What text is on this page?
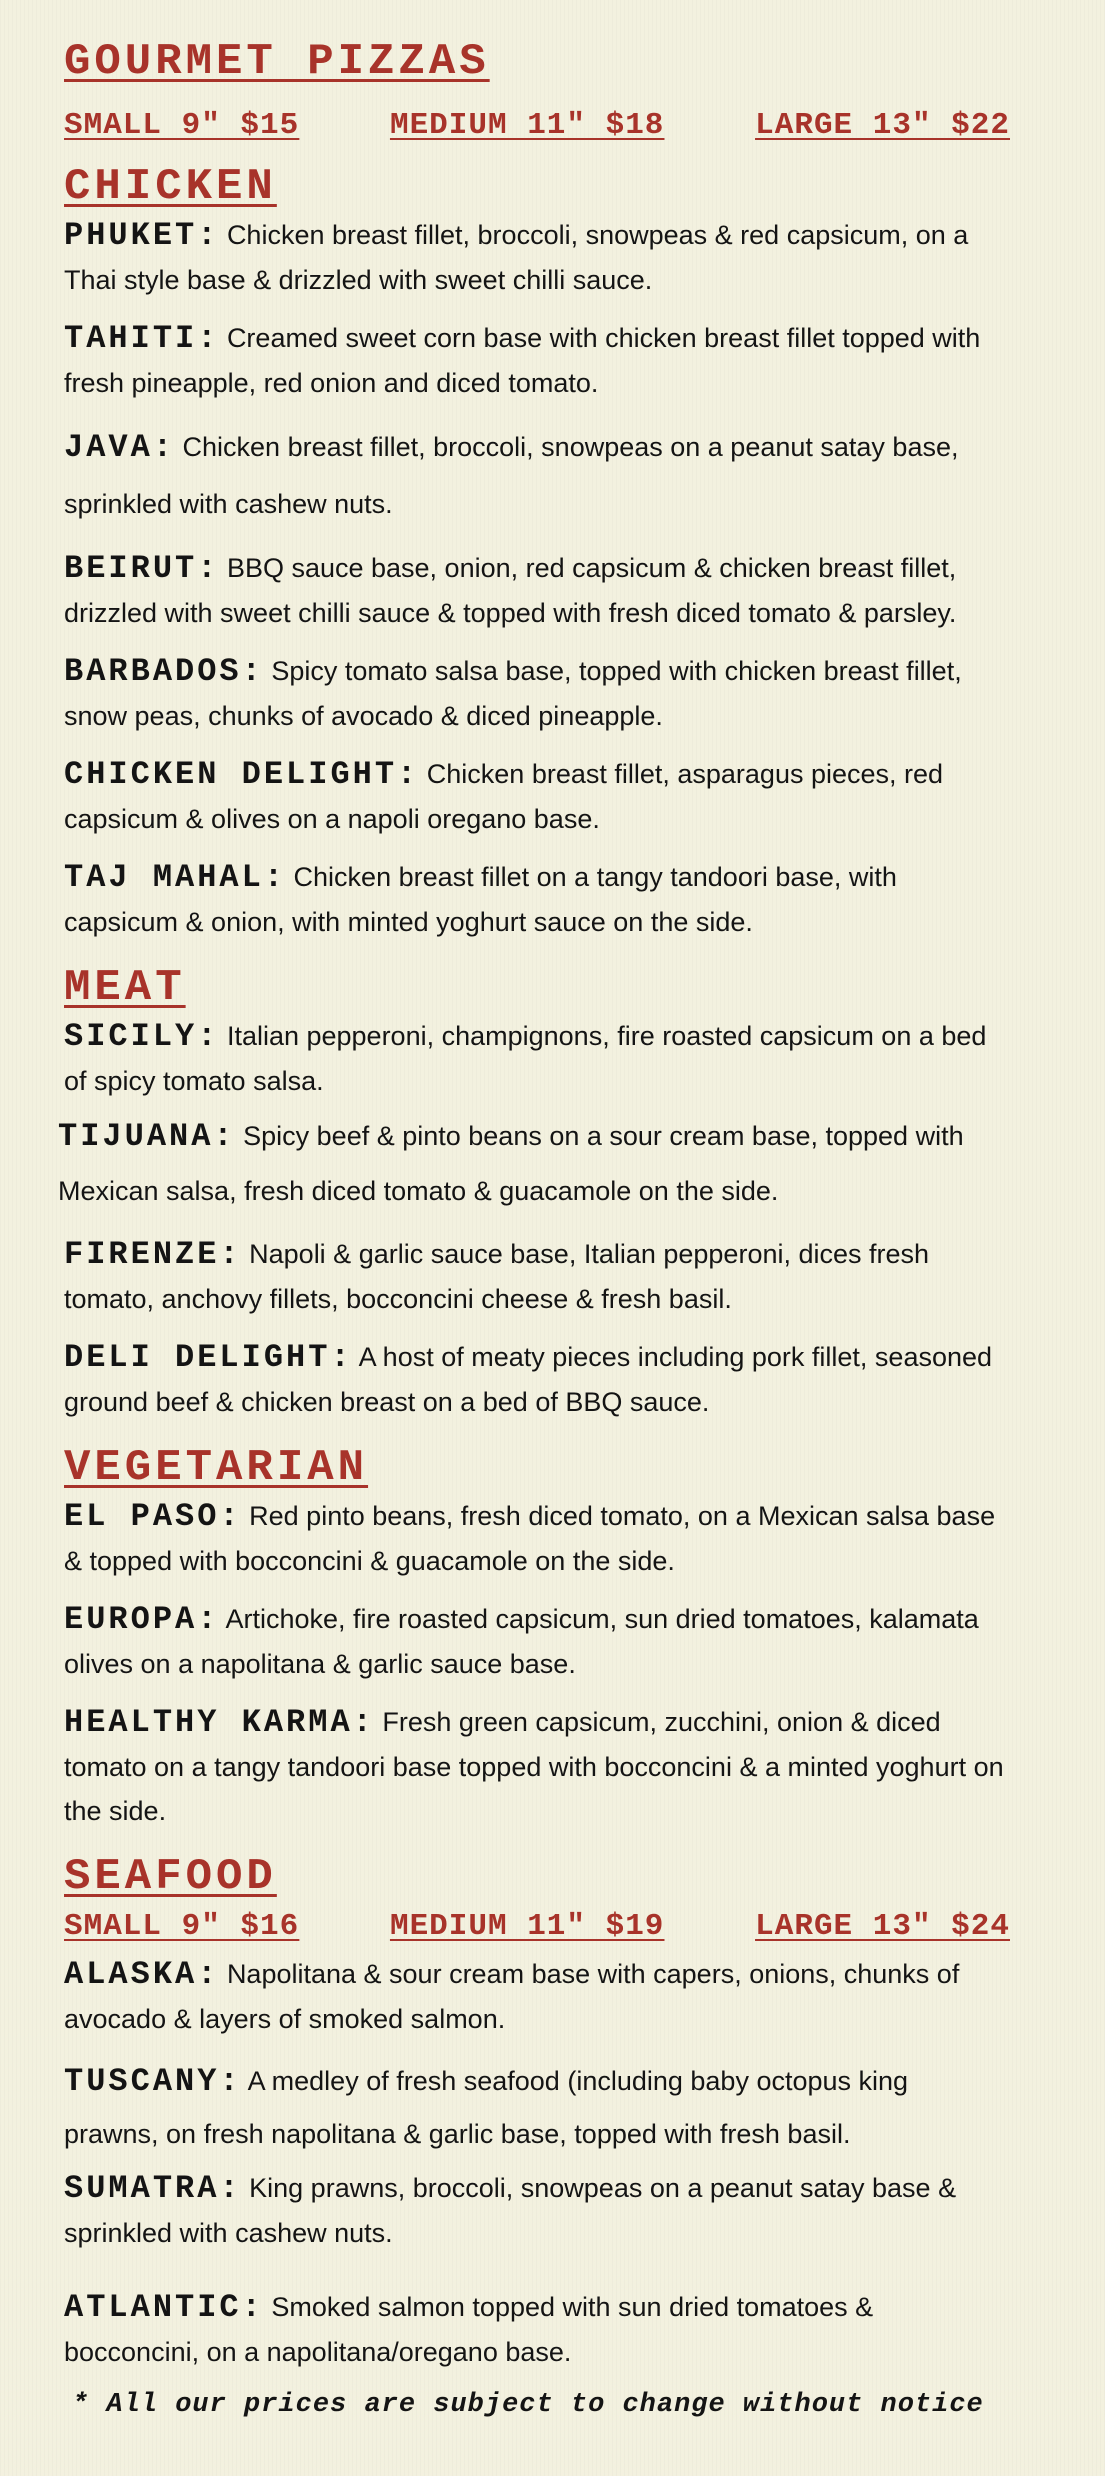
GOURMET PIZZAS
SMALL 9″ $15	MEDIUM 11″ $18	LARGE 13″ $22
CHICKEN

PHUKET: Chicken breast fillet, broccoli, snowpeas & red capsicum, on a Thai style base & drizzled with sweet chilli sauce.

TAHITI: Creamed sweet corn base with chicken breast fillet topped with fresh pineapple, red onion and diced tomato.

JAVA: Chicken breast fillet, broccoli, snowpeas on a peanut satay base, sprinkled with cashew nuts.

BEIRUT: BBQ sauce base, onion, red capsicum & chicken breast fillet, drizzled with sweet chilli sauce & topped with fresh diced tomato & parsley.

BARBADOS: Spicy tomato salsa base, topped with chicken breast fillet, snow peas, chunks of avocado & diced pineapple.

CHICKEN DELIGHT: Chicken breast fillet, asparagus pieces, red capsicum & olives on a napoli oregano base.

TAJ MAHAL: Chicken breast fillet on a tangy tandoori base, with capsicum & onion, with minted yoghurt sauce on the side.

MEAT

SICILY: Italian pepperoni, champignons, fire roasted capsicum on a bed of spicy tomato salsa.

TIJUANA: Spicy beef & pinto beans on a sour cream base, topped with Mexican salsa, fresh diced tomato & guacamole on the side.

FIRENZE: Napoli & garlic sauce base, Italian pepperoni, dices fresh tomato, anchovy fillets, bocconcini cheese & fresh basil.

DELI DELIGHT: A host of meaty pieces including pork fillet, seasoned ground beef & chicken breast on a bed of BBQ sauce.

VEGETARIAN

EL PASO: Red pinto beans, fresh diced tomato, on a Mexican salsa base & topped with bocconcini & guacamole on the side.

EUROPA: Artichoke, fire roasted capsicum, sun dried tomatoes, kalamata olives on a napolitana & garlic sauce base.

HEALTHY KARMA: Fresh green capsicum, zucchini, onion & diced tomato on a tangy tandoori base topped with bocconcini & a minted yoghurt on the side.

SEAFOOD
SMALL 9″ $16	MEDIUM 11″ $19	LARGE 13″ $24

ALASKA: Napolitana & sour cream base with capers, onions, chunks of avocado & layers of smoked salmon.

TUSCANY: A medley of fresh seafood (including baby octopus king prawns, on fresh napolitana & garlic base, topped with fresh basil.

SUMATRA: King prawns, broccoli, snowpeas on a peanut satay base & sprinkled with cashew nuts.

ATLANTIC: Smoked salmon topped with sun dried tomatoes & bocconcini, on a napolitana/oregano base.

* All our prices are subject to change without notice
